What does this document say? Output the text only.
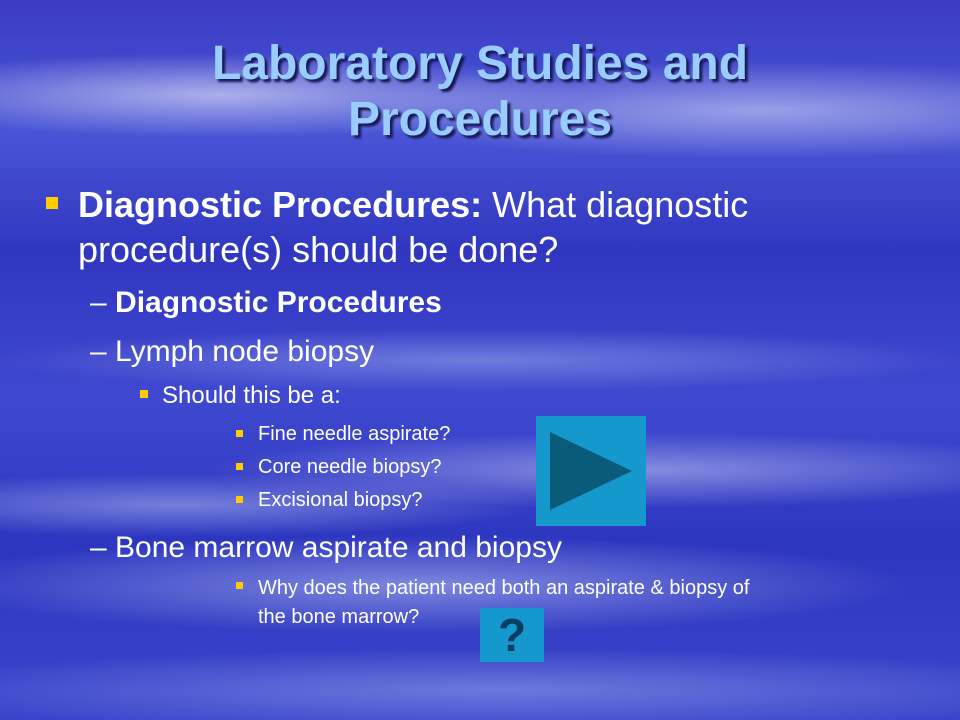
Laboratory Studies and
Procedures
Diagnostic Procedures: What diagnostic
procedure(s) should be done?
– Diagnostic Procedures
– Lymph node biopsy
Should this be a:
Fine needle aspirate?
Core needle biopsy?
Excisional biopsy?
– Bone marrow aspirate and biopsy
Why does the patient need both an aspirate & biopsy of
the bone marrow? ?
